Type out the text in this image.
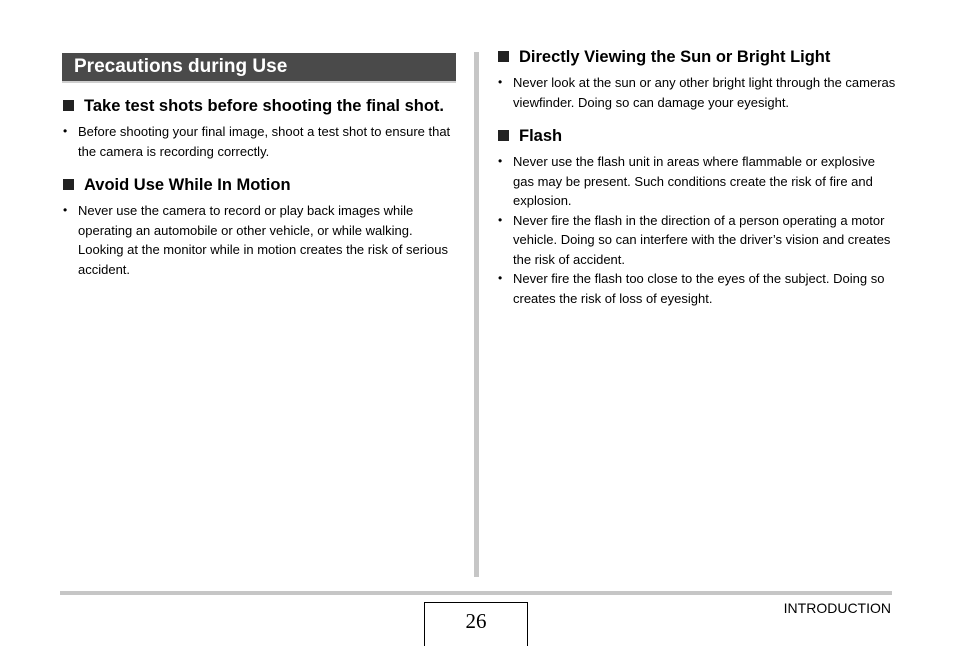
Precautions during Use
Take test shots before shooting the final shot.
• Before shooting your final image, shoot a test shot to ensure that the camera is recording correctly.
Avoid Use While In Motion
• Never use the camera to record or play back images while operating an automobile or other vehicle, or while walking. Looking at the monitor while in motion creates the risk of serious accident.
Directly Viewing the Sun or Bright Light
• Never look at the sun or any other bright light through the cameras viewfinder. Doing so can damage your eyesight.
Flash
• Never use the flash unit in areas where flammable or explosive gas may be present. Such conditions create the risk of fire and explosion.
• Never fire the flash in the direction of a person operating a motor vehicle. Doing so can interfere with the driver’s vision and creates the risk of accident.
• Never fire the flash too close to the eyes of the subject. Doing so creates the risk of loss of eyesight.
26
INTRODUCTION
